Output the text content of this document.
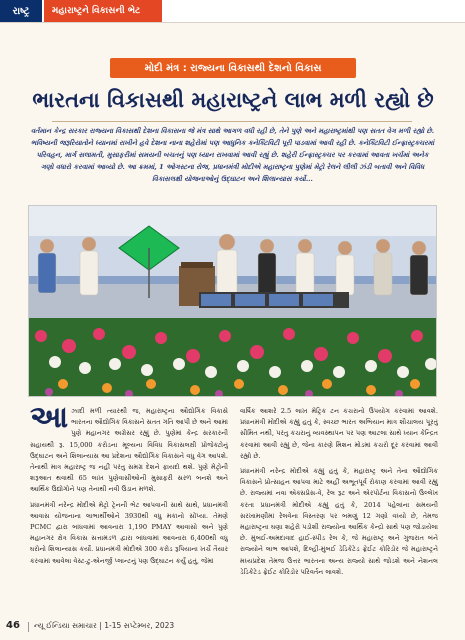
રાષ્ટ્ર	મહારાષ્ટ્રને વિકાસની ભેટ
મોદી મંત્ર : રાજ્યના વિકાસથી દેશનો વિકાસ
ભારતના વિકાસથી મહારાષ્ટ્રને લાભ મળી રહ્યો છે
વર્તમાન કેન્દ્ર સરકાર રાજ્યના વિકાસથી દેશના વિકાસના જે મંત્ર સાથે આગળ વધી રહી છે, તેને પુણે અને મહારાષ્ટ્રમાંથી પણ સતત વેગ મળી રહ્યો છે. ભવિષ્યની જરૂરિયાતોને ધ્યાનમાં રાખીને હવે દેશના નાના શહેરોમાં પણ આધુનિક કનેક્ટિવિટી પૂરી પાડવામાં આવી રહી છે. કનેક્ટિવિટી ઈન્ફ્રાસ્ટ્રક્ચરમાં પરિવહન, માર્ગ સલામતી, મુસાફરીમાં સમયની બચતનું પણ ધ્યાન રાખવામાં આવી રહ્યું છે. શહેરી ઈન્ફ્રાસ્ટ્રક્ચર પર કરવામાં આવતા ખર્ચમાં અનેક ગણો વધારો કરવામાં આવ્યો છે. આ ક્રમમાં, 1 ઓગસ્ટના રોજ, પ્રધાનમંત્રી મોદીએ મહારાષ્ટ્રના પુણેમાં મેટ્રો રેલને લીલી ઝંડી બતાવી અને વિવિધ વિકાસલક્ષી યોજનાઓનું ઉદ્ઘાટન અને શિલાન્યાસ કર્યો...

આઝાદી મળી ત્યારથી જ, મહારાષ્ટ્રના ઔદ્યોગિક વિકાસે ભારતના ઔદ્યોગિક વિકાસને સતત ગતિ આપી છે અને આમાં પુણે મહાનગર અગ્રેસર રહ્યું છે. પુણેમાં કેન્દ્ર સરકારની સહાયથી રૂ. 15,000 કરોડના મૂલ્યના વિવિધ વિકાસલક્ષી પ્રોજેક્ટોનું ઉદ્ઘાટન અને શિલાન્યાસ આ પ્રદેશના ઔદ્યોગિક વિકાસને વધુ વેગ આપશે. તેનાથી માત્ર મહારાષ્ટ્ર જ નહીં પરંતુ સમગ્ર દેશને ફાયદો થશે. પુણે મેટ્રોની શરૂઆત થવાથી 65 લાખ પુણેવાસીઓની મુસાફરી સરળ બનશે અને આર્થિક ઉદ્યોગોને પણ તેનાથી નવી ઉડાન મળશે.

પ્રધાનમંત્રી નરેન્દ્ર મોદીએ મેટ્રો ટ્રેનની ભેટ આપવાની સાથે સાથે, પ્રધાનમંત્રી આવાસ યોજનાના લાભાર્થીઓને 3930થી વધુ મકાનો સોંપ્યા. તેમણે PCMC દ્વારા બાંધવામાં આવનારા 1,190 PMAY આવાસો અને પુણે મહાનગર ક્ષેત્ર વિકાસ સત્તામંડળ દ્વારા બાંધવામાં આવનારા 6,400થી વધુ ઘરોનો શિલાન્યાસ કર્યો. પ્રધાનમંત્રી મોદીએ 300 કરોડ રૂપિયાના ખર્ચે તૈયાર કરવામાં આવેલા વેસ્ટ-ટુ-એનર્જી પ્લાન્ટનું પણ ઉદ્ઘાટન કર્યું હતું, જેમાં

વાર્ષિક આશરે 2.5 લાખ મેટ્રિક ટન કચરાનો ઉપયોગ કરવામાં આવશે. પ્રધાનમંત્રી મોદીએ કહ્યું હતું કે, સ્વચ્છ ભારત અભિયાન માત્ર શૌચાલય પૂરતું સીમિત નથી, પરંતુ કચરાનું વ્યવસ્થાપન પર પણ આટલા સાથે ધ્યાન કેન્દ્રિત કરવામાં આવી રહ્યું છે, જેના કારણે મિશન મોડમાં કચરો દૂર કરવામાં આવી રહ્યો છે.

પ્રધાનમંત્રી નરેન્દ્ર મોદીએ કહ્યું હતું કે, મહારાષ્ટ્ર અને તેના ઔદ્યોગિક વિકાસને પ્રોત્સાહન આપવા માટે અહીં અભૂતપૂર્વ રોકાણ કરવામાં આવી રહ્યું છે. રાજ્યમાં નવા એક્સપ્રેસ-વે, રેલ રૂટ અને એરપોર્ટના વિકાસનો ઉલ્લેખ કરતા પ્રધાનમંત્રી મોદીએ કહ્યું હતું કે, 2014 પહેલાંના સમયની સરખામણીમાં રેલવેના વિસ્તરણ પર બમણું 12 ગણો વધ્યો છે, તેમજ મહારાષ્ટ્રના ઘણા શહેરો પડોશી રાજ્યોના આર્થિક કેન્દ્રો સાથે પણ જોડાયેલા છે. મુંબઈ-અમદાવાદ હાઈ-સ્પીડ રેલ કે, જે મહારાષ્ટ્ર અને ગુજરાત બંને રાજ્યોને લાભ આપશે, દિલ્હી-મુંબઈ ડેડિકેટેડ ફ્રેઈટ કોરિડોર જે મહારાષ્ટ્રને મધ્યપ્રદેશ તેમજ ઉત્તર ભારતના અન્ય રાજ્યો સાથે જોડશે અને નેશનલ ડેડિકેટેડ ફ્રેઈટ કોરિડોર પરિવર્તન લાવશે.

46 ન્યૂ ઈન્ડિયા સમાચાર | 1-15 સપ્ટેમ્બર, 2023
